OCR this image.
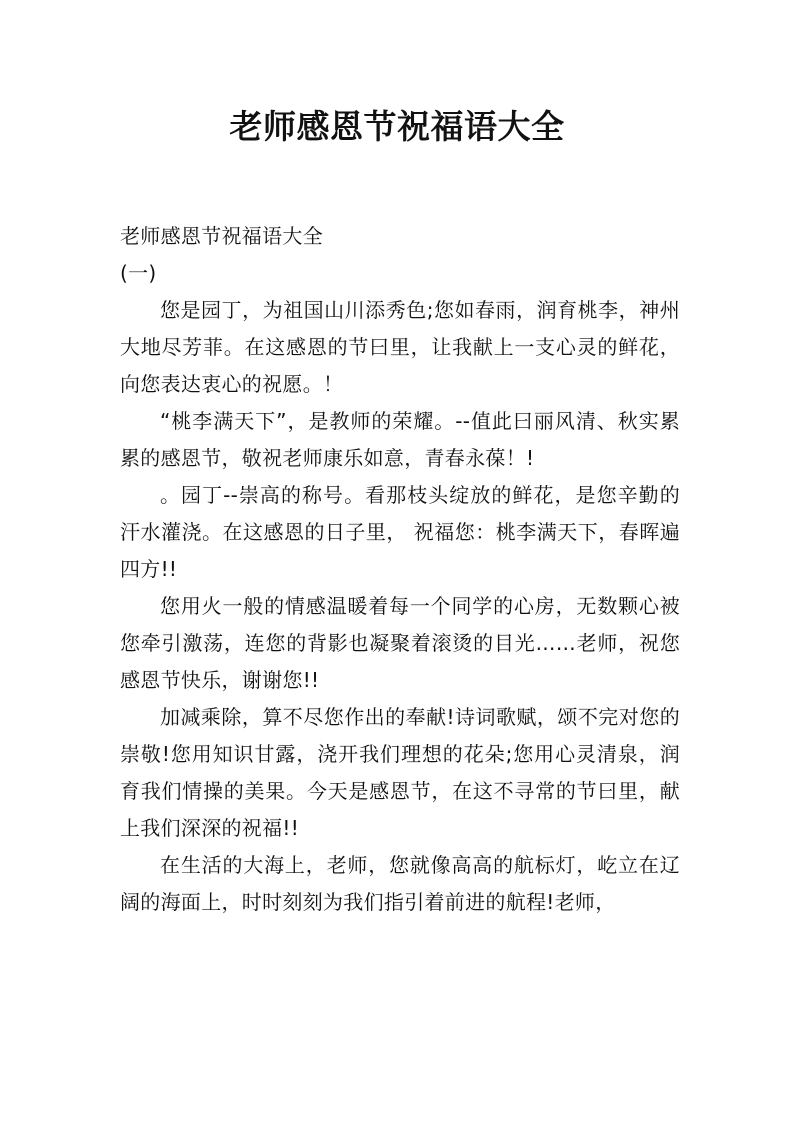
老师感恩节祝福语大全

老师感恩节祝福语大全

(一)

您是园丁，为祖国山川添秀色;您如春雨，润育桃李，神州大地尽芳菲。在这感恩的节曰里，让我献上一支心灵的鲜花，向您表达衷心的祝愿。！

“桃李满天下”，是教师的荣耀。--值此曰丽风清、秋实累累的感恩节，敬祝老师康乐如意，青春永葆！!

。园丁--崇高的称号。看那枝头绽放的鲜花，是您辛勤的汗水灌浇。在这感恩的日子里， 祝福您：桃李满天下，春晖遍四方!!

您用火一般的情感温暖着每一个同学的心房，无数颗心被您牵引激荡，连您的背影也凝聚着滚烫的目光……老师，祝您感恩节快乐，谢谢您!!

加减乘除，算不尽您作出的奉献!诗词歌赋，颂不完对您的崇敬!您用知识甘露，浇开我们理想的花朵;您用心灵清泉，润育我们情操的美果。今天是感恩节，在这不寻常的节曰里，献上我们深深的祝福!!

在生活的大海上，老师，您就像高高的航标灯，屹立在辽阔的海面上，时时刻刻为我们指引着前进的航程!老师，
